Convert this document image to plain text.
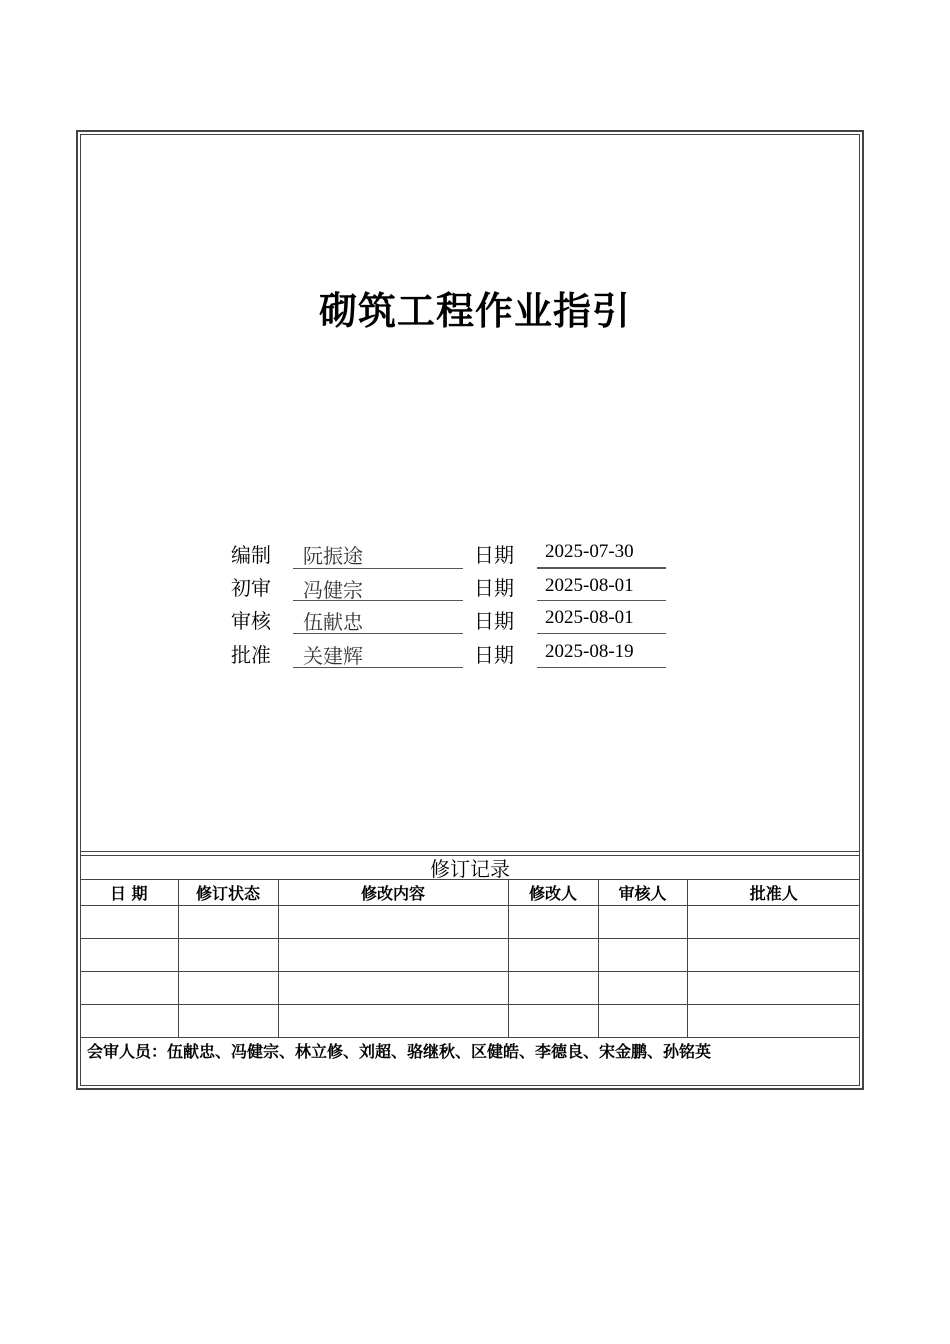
砌筑工程作业指引
编制	阮振途	日期	2025-07-30
初审	冯健宗	日期	2025-08-01
审核	伍献忠	日期	2025-08-01
批准	关建辉	日期	2025-08-19
修订记录
日 期	修订状态	修改内容	修改人	审核人	批准人

会审人员：伍献忠、冯健宗、林立修、刘超、骆继秋、区健皓、李德良、宋金鹏、孙铭英
